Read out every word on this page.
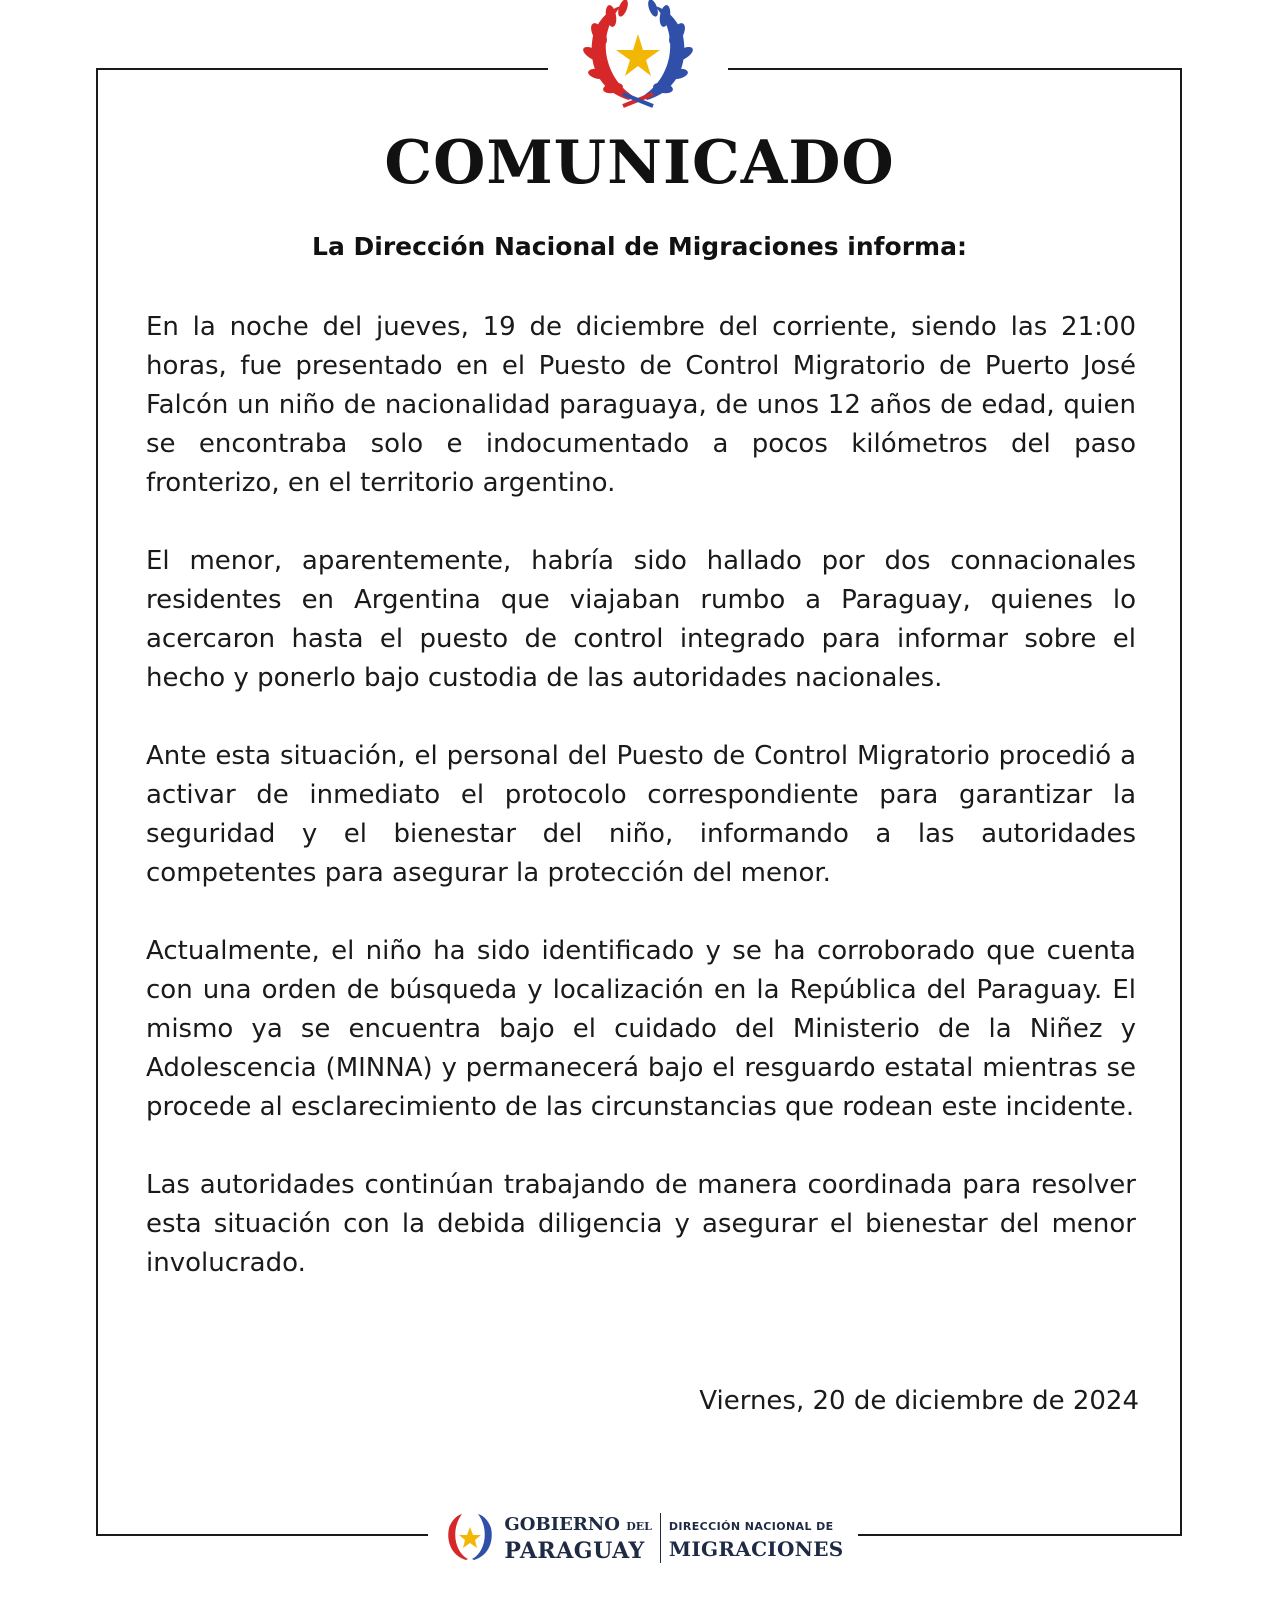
COMUNICADO
La Dirección Nacional de Migraciones informa:

En la noche del jueves, 19 de diciembre del corriente, siendo las 21:00 horas, fue presentado en el Puesto de Control Migratorio de Puerto José Falcón un niño de nacionalidad paraguaya, de unos 12 años de edad, quien se encontraba solo e indocumentado a pocos kilómetros del paso fronterizo, en el territorio argentino.

El menor, aparentemente, habría sido hallado por dos connacionales residentes en Argentina que viajaban rumbo a Paraguay, quienes lo acercaron hasta el puesto de control integrado para informar sobre el hecho y ponerlo bajo custodia de las autoridades nacionales.

Ante esta situación, el personal del Puesto de Control Migratorio procedió a activar de inmediato el protocolo correspondiente para garantizar la seguridad y el bienestar del niño, informando a las autoridades competentes para asegurar la protección del menor.

Actualmente, el niño ha sido identificado y se ha corroborado que cuenta con una orden de búsqueda y localización en la República del Paraguay. El mismo ya se encuentra bajo el cuidado del Ministerio de la Niñez y Adolescencia (MINNA) y permanecerá bajo el resguardo estatal mientras se procede al esclarecimiento de las circunstancias que rodean este incidente.

Las autoridades continúan trabajando de manera coordinada para resolver esta situación con la debida diligencia y asegurar el bienestar del menor involucrado.

Viernes, 20 de diciembre de 2024

GOBIERNO DEL
PARAGUAY
DIRECCIÓN NACIONAL DE
MIGRACIONES
